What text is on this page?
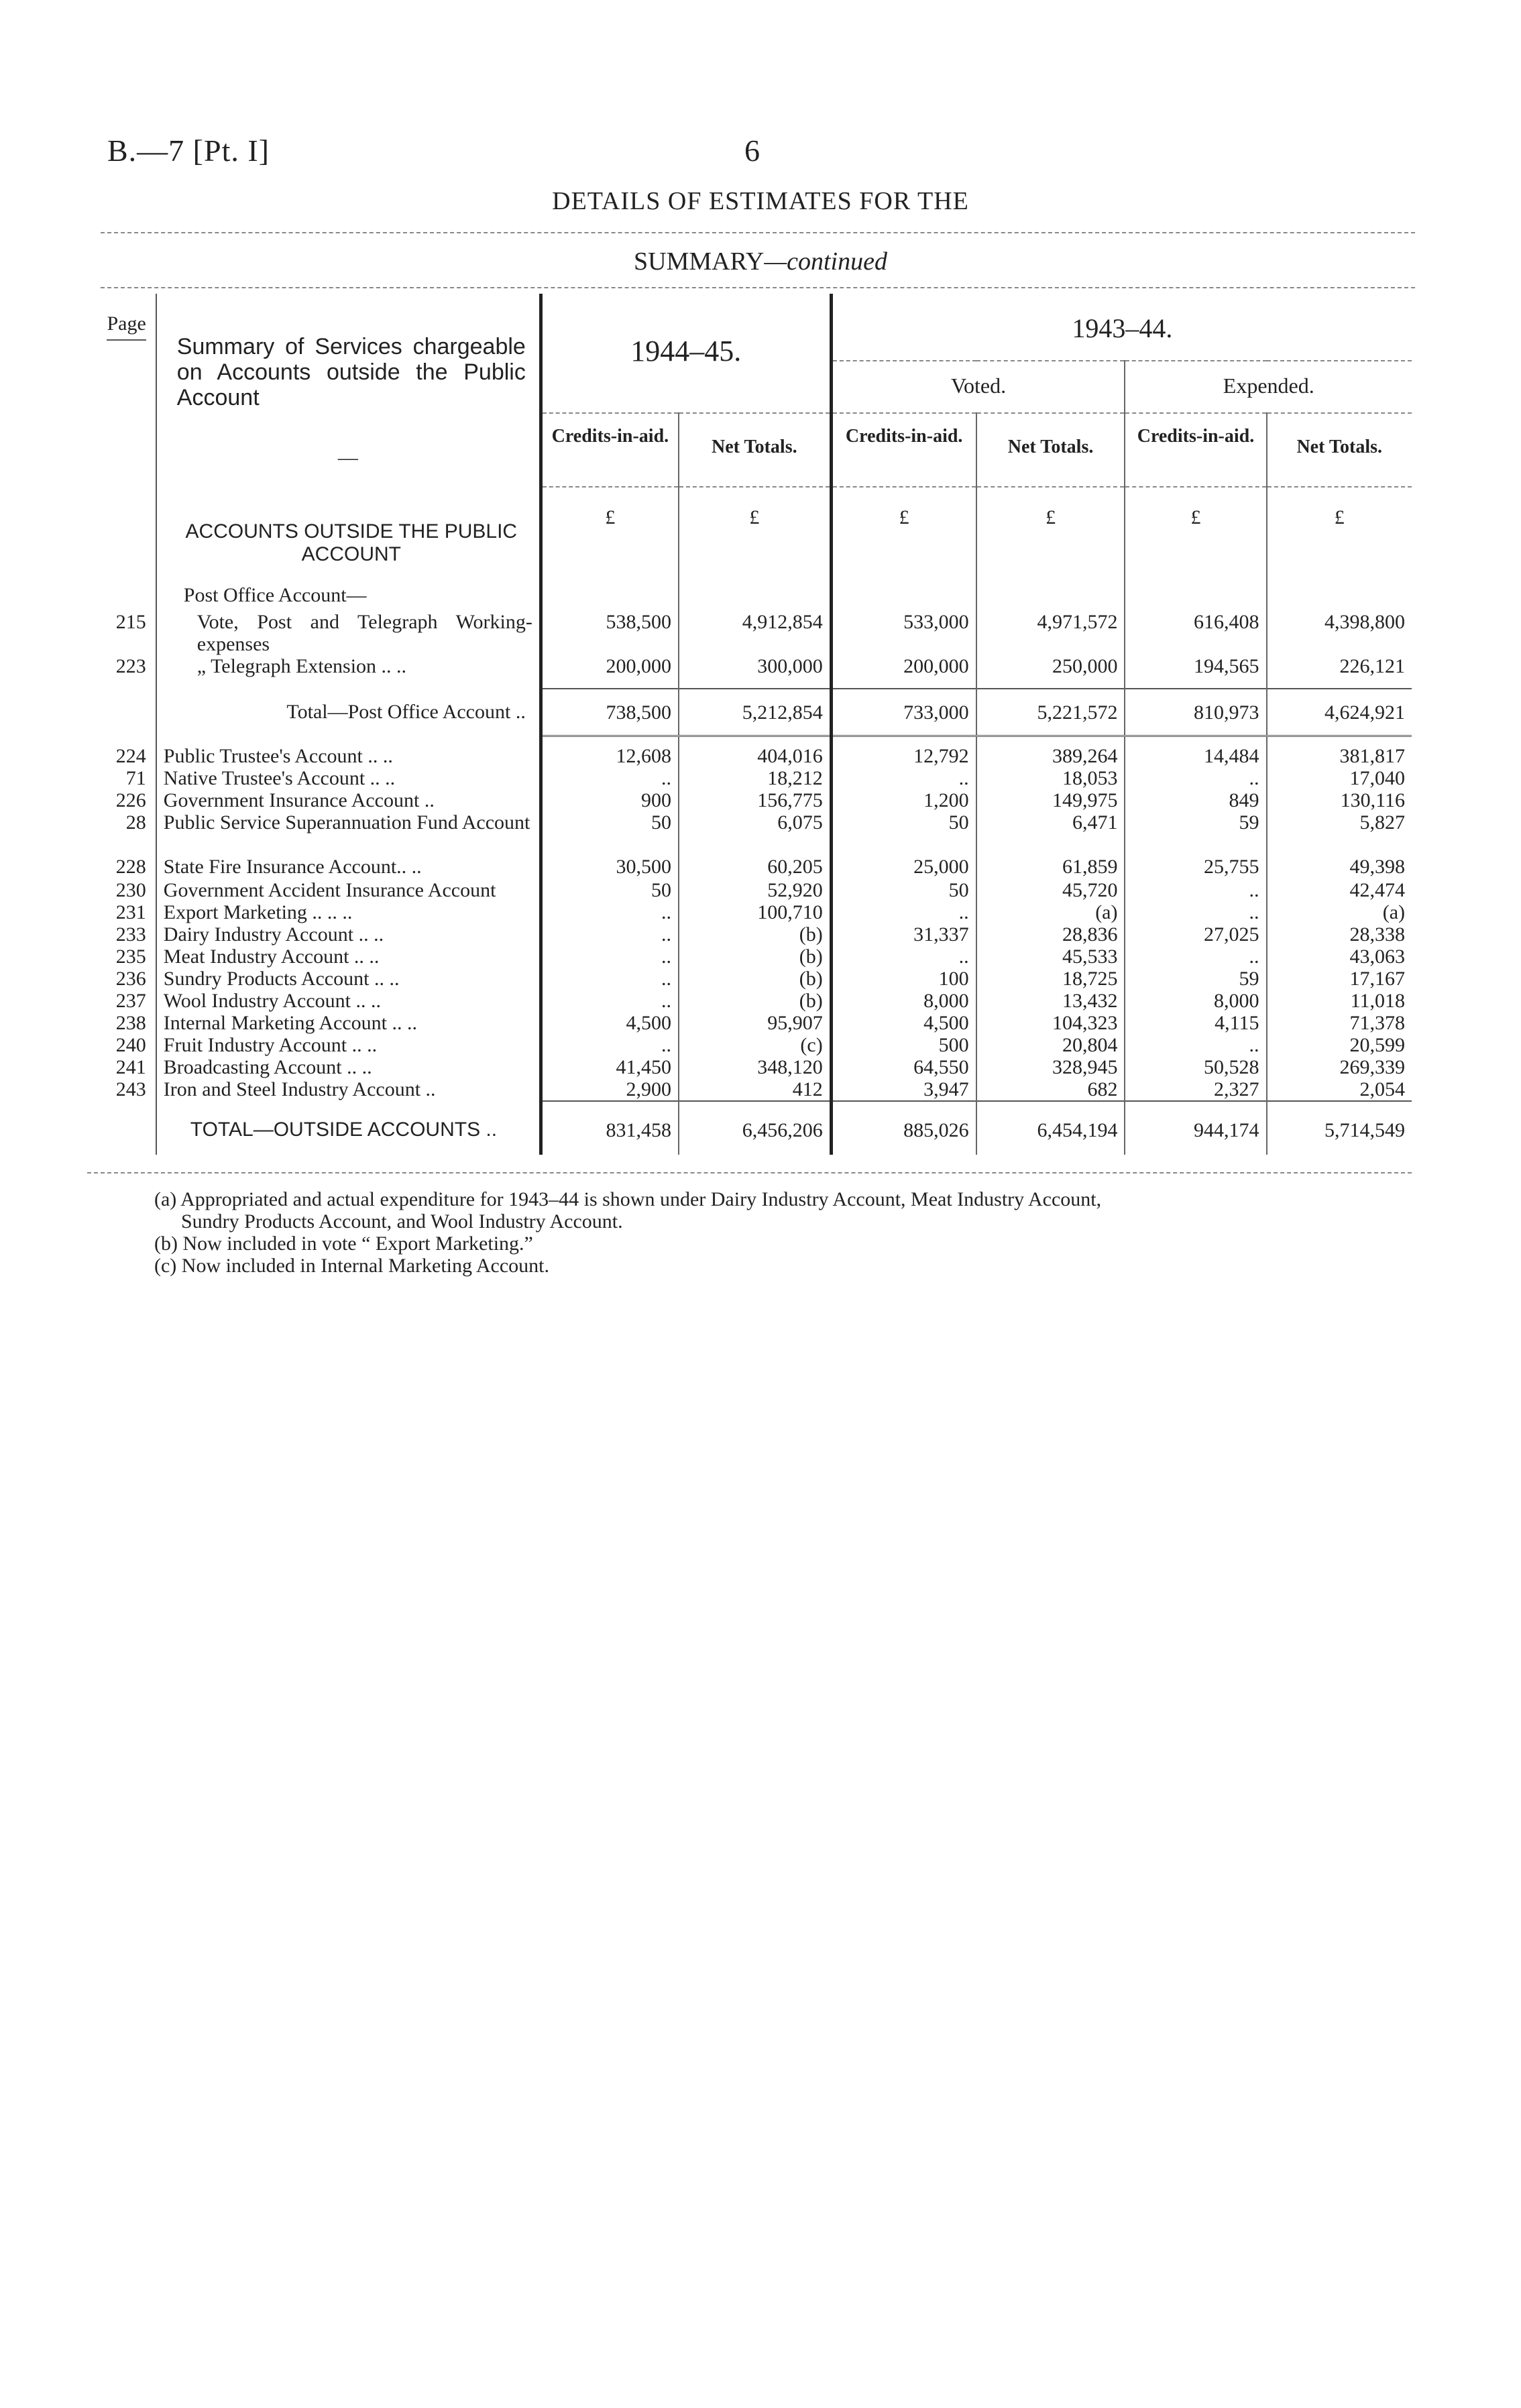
B.—7 [Pt. I]	6
DETAILS OF ESTIMATES FOR THE
SUMMARY—continued
Page	Summary of Services chargeable on Accounts outside the Public Account	1944–45.		1943–44.			
				Voted.		Expended.	
	—	Credits-in-aid.	Net Totals.	Credits-in-aid.	Net Totals.	Credits-in-aid.	Net Totals.
	ACCOUNTS OUTSIDE THE PUBLIC ACCOUNT	£	£	£	£	£	£
	Post Office Account—						
215	Vote, Post and Telegraph Working-expenses	538,500	4,912,854	533,000	4,971,572	616,408	4,398,800
223	„ Telegraph Extension .. ..	200,000	300,000	200,000	250,000	194,565	226,121
	Total—Post Office Account ..	738,500	5,212,854	733,000	5,221,572	810,973	4,624,921

224	Public Trustee's Account .. ..	12,608	404,016	12,792	389,264	14,484	381,817
71	Native Trustee's Account .. ..	..	18,212	..	18,053	..	17,040
226	Government Insurance Account ..	900	156,775	1,200	149,975	849	130,116
28	Public Service Superannuation Fund Account	50	6,075	50	6,471	59	5,827
228	State Fire Insurance Account.. ..	30,500	60,205	25,000	61,859	25,755	49,398
230	Government Accident Insurance Account	50	52,920	50	45,720	..	42,474
231	Export Marketing .. .. ..	..	100,710	..	(a)	..	(a)
233	Dairy Industry Account .. ..	..	(b)	31,337	28,836	27,025	28,338
235	Meat Industry Account .. ..	..	(b)	..	45,533	..	43,063
236	Sundry Products Account .. ..	..	(b)	100	18,725	59	17,167
237	Wool Industry Account .. ..	..	(b)	8,000	13,432	8,000	11,018
238	Internal Marketing Account .. ..	4,500	95,907	4,500	104,323	4,115	71,378
240	Fruit Industry Account .. ..	..	(c)	500	20,804	..	20,599
241	Broadcasting Account .. ..	41,450	348,120	64,550	328,945	50,528	269,339
243	Iron and Steel Industry Account ..	2,900	412	3,947	682	2,327	2,054
	TOTAL—OUTSIDE ACCOUNTS ..	831,458	6,456,206	885,026	6,454,194	944,174	5,714,549
(a) Appropriated and actual expenditure for 1943–44 is shown under Dairy Industry Account, Meat Industry Account,
Sundry Products Account, and Wool Industry Account.
(b) Now included in vote “ Export Marketing.”
(c) Now included in Internal Marketing Account.
